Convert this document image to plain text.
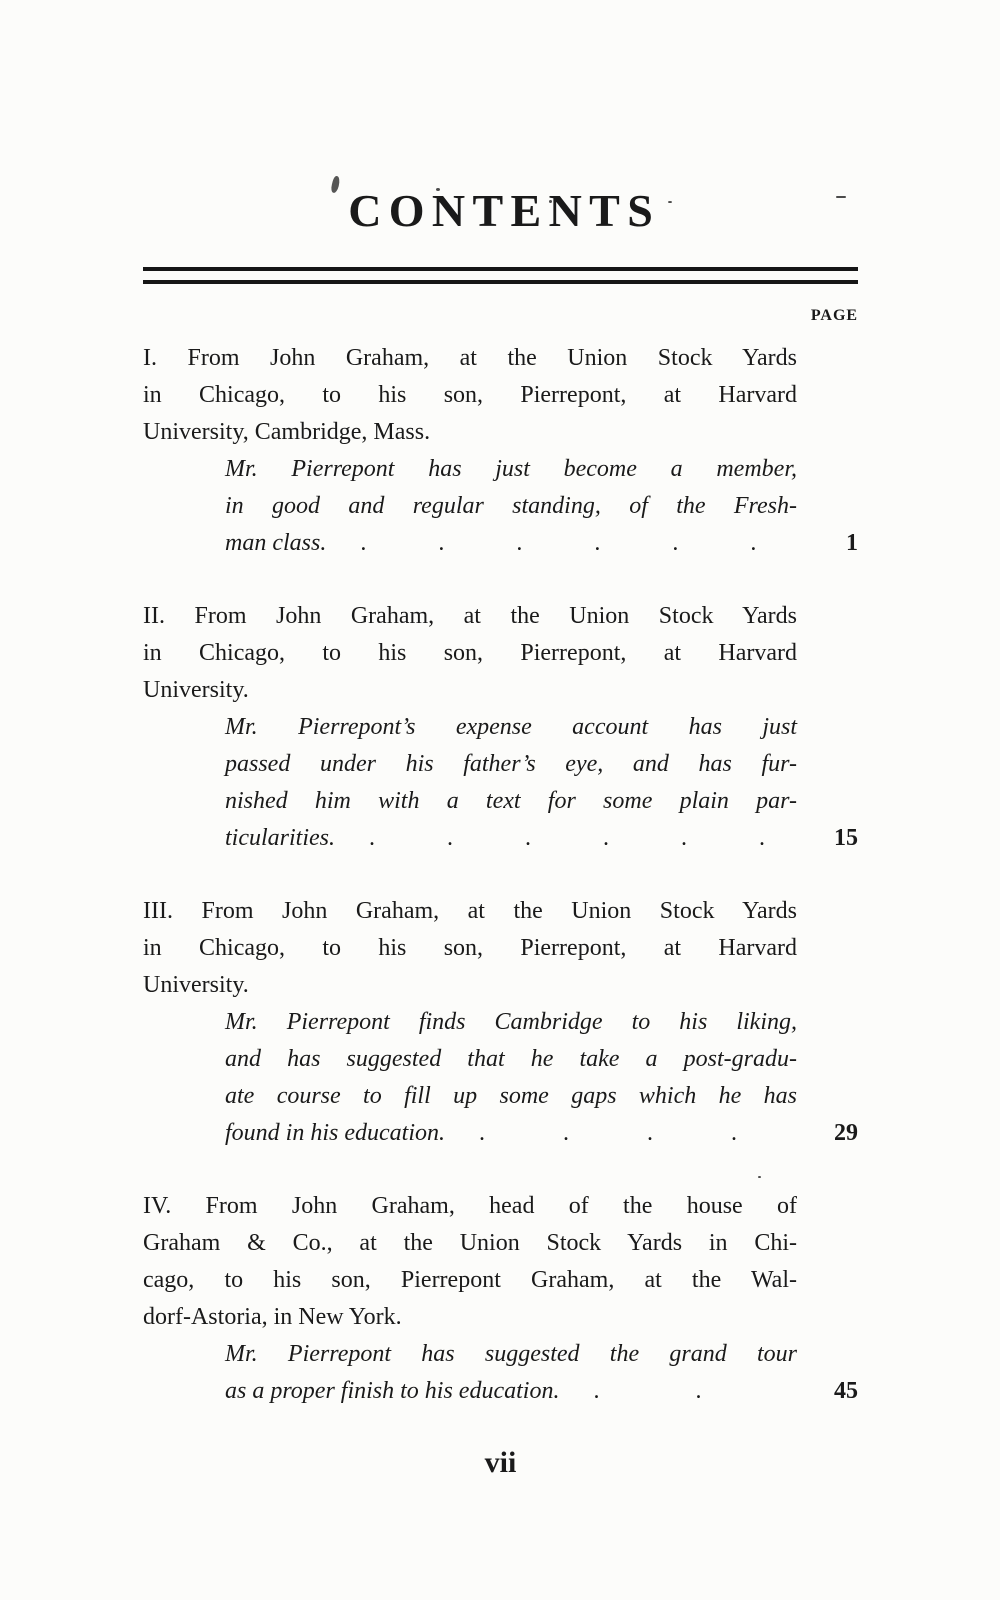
CONTENTS
PAGE
I. From John Graham, at the Union Stock Yards
in Chicago, to his son, Pierrepont, at Harvard
University, Cambridge, Mass.
Mr. Pierrepont has just become a member,
in good and regular standing, of the Fresh-
man class.	.   .   .   .   .   .	1
II. From John Graham, at the Union Stock Yards
in Chicago, to his son, Pierrepont, at Harvard
University.
Mr. Pierrepont’s expense account has just
passed under his father’s eye, and has fur-
nished him with a text for some plain par-
ticularities.	.   .   .   .   .   .	15
III. From John Graham, at the Union Stock Yards
in Chicago, to his son, Pierrepont, at Harvard
University.
Mr. Pierrepont finds Cambridge to his liking,
and has suggested that he take a post-gradu-
ate course to fill up some gaps which he has
found in his education.	.    .    .    .	29
IV. From John Graham, head of the house of
Graham & Co., at the Union Stock Yards in Chi-
cago, to his son, Pierrepont Graham, at the Wal-
dorf-Astoria, in New York.
Mr. Pierrepont has suggested the grand tour
as a proper finish to his education.	.    .	45
vii
